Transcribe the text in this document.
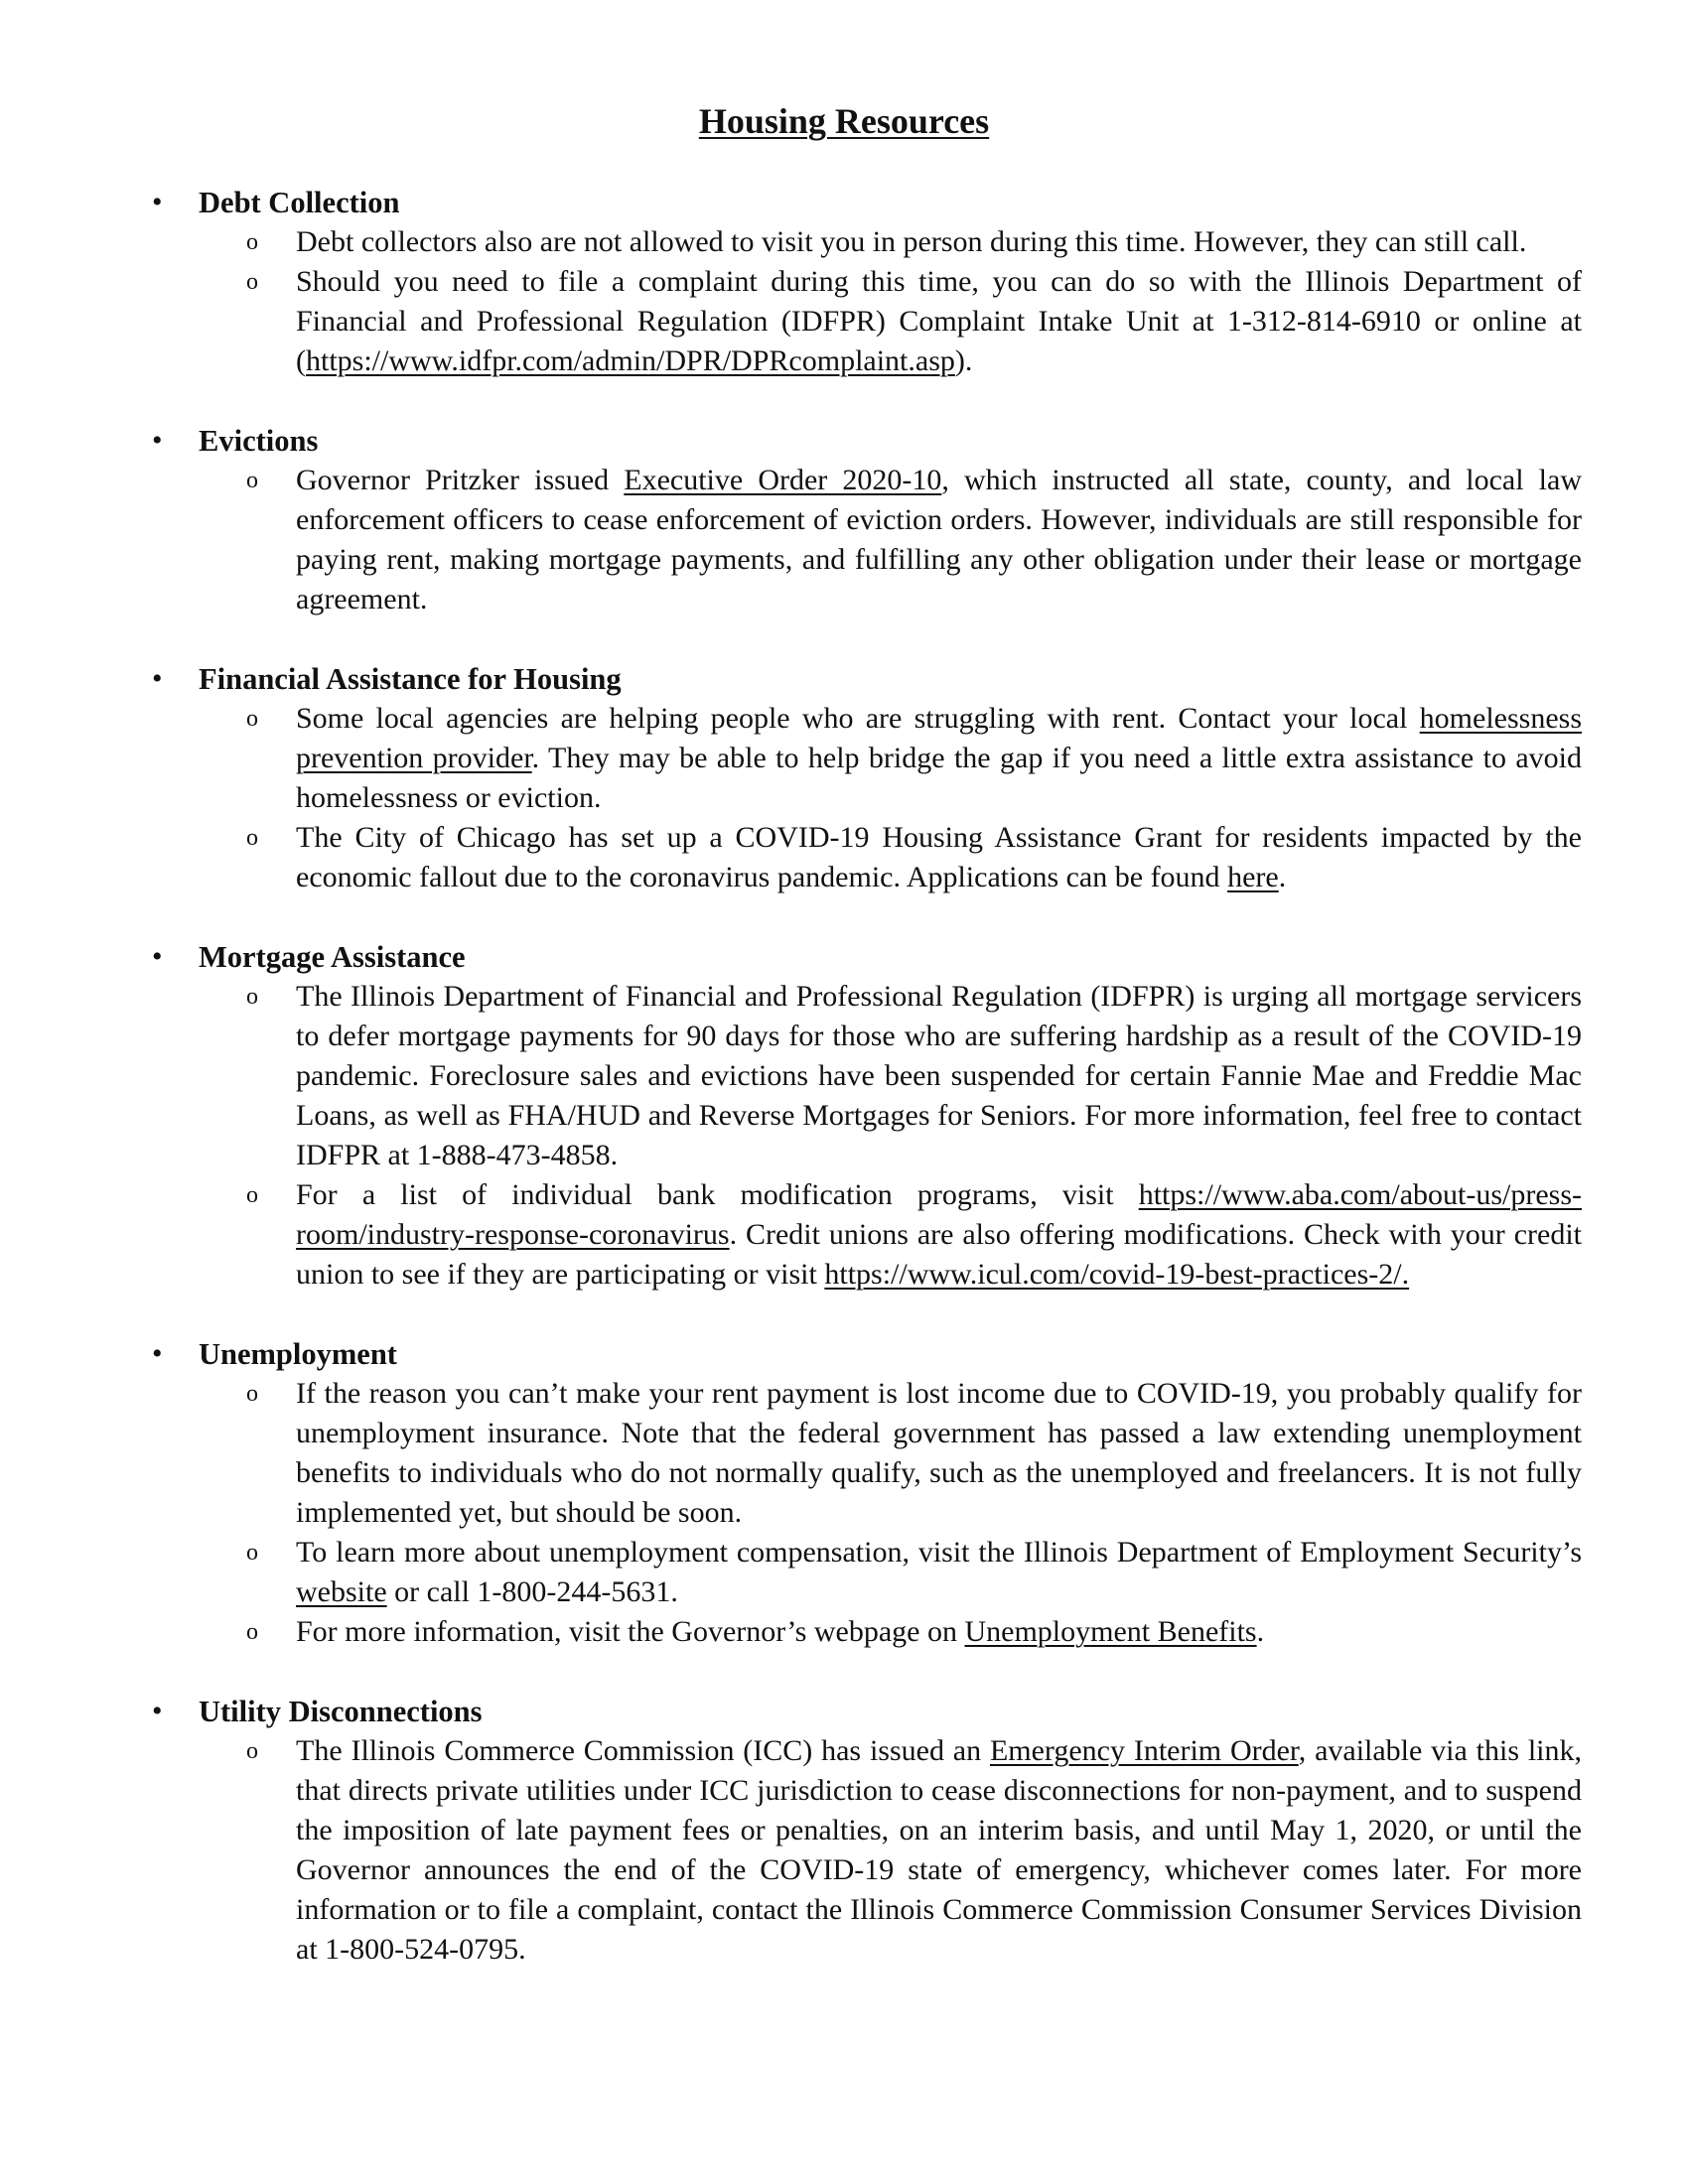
Housing Resources
• Debt Collection
o Debt collectors also are not allowed to visit you in person during this time. However, they can still call.
o Should you need to file a complaint during this time, you can do so with the Illinois Department of Financial and Professional Regulation (IDFPR) Complaint Intake Unit at 1-312-814-6910 or online at (https://www.idfpr.com/admin/DPR/DPRcomplaint.asp).
• Evictions
o Governor Pritzker issued Executive Order 2020-10, which instructed all state, county, and local law enforcement officers to cease enforcement of eviction orders. However, individuals are still responsible for paying rent, making mortgage payments, and fulfilling any other obligation under their lease or mortgage agreement.
• Financial Assistance for Housing
o Some local agencies are helping people who are struggling with rent. Contact your local homelessness prevention provider. They may be able to help bridge the gap if you need a little extra assistance to avoid homelessness or eviction.
o The City of Chicago has set up a COVID-19 Housing Assistance Grant for residents impacted by the economic fallout due to the coronavirus pandemic. Applications can be found here.
• Mortgage Assistance
o The Illinois Department of Financial and Professional Regulation (IDFPR) is urging all mortgage servicers to defer mortgage payments for 90 days for those who are suffering hardship as a result of the COVID-19 pandemic. Foreclosure sales and evictions have been suspended for certain Fannie Mae and Freddie Mac Loans, as well as FHA/HUD and Reverse Mortgages for Seniors. For more information, feel free to contact IDFPR at 1-888-473-4858.
o For a list of individual bank modification programs, visit https://www.aba.com/about-us/press-room/industry-response-coronavirus. Credit unions are also offering modifications. Check with your credit union to see if they are participating or visit https://www.icul.com/covid-19-best-practices-2/.
• Unemployment
o If the reason you can’t make your rent payment is lost income due to COVID-19, you probably qualify for unemployment insurance. Note that the federal government has passed a law extending unemployment benefits to individuals who do not normally qualify, such as the unemployed and freelancers. It is not fully implemented yet, but should be soon.
o To learn more about unemployment compensation, visit the Illinois Department of Employment Security’s website or call 1-800-244-5631.
o For more information, visit the Governor’s webpage on Unemployment Benefits.
• Utility Disconnections
o The Illinois Commerce Commission (ICC) has issued an Emergency Interim Order, available via this link, that directs private utilities under ICC jurisdiction to cease disconnections for non-payment, and to suspend the imposition of late payment fees or penalties, on an interim basis, and until May 1, 2020, or until the Governor announces the end of the COVID-19 state of emergency, whichever comes later. For more information or to file a complaint, contact the Illinois Commerce Commission Consumer Services Division at 1-800-524-0795.
